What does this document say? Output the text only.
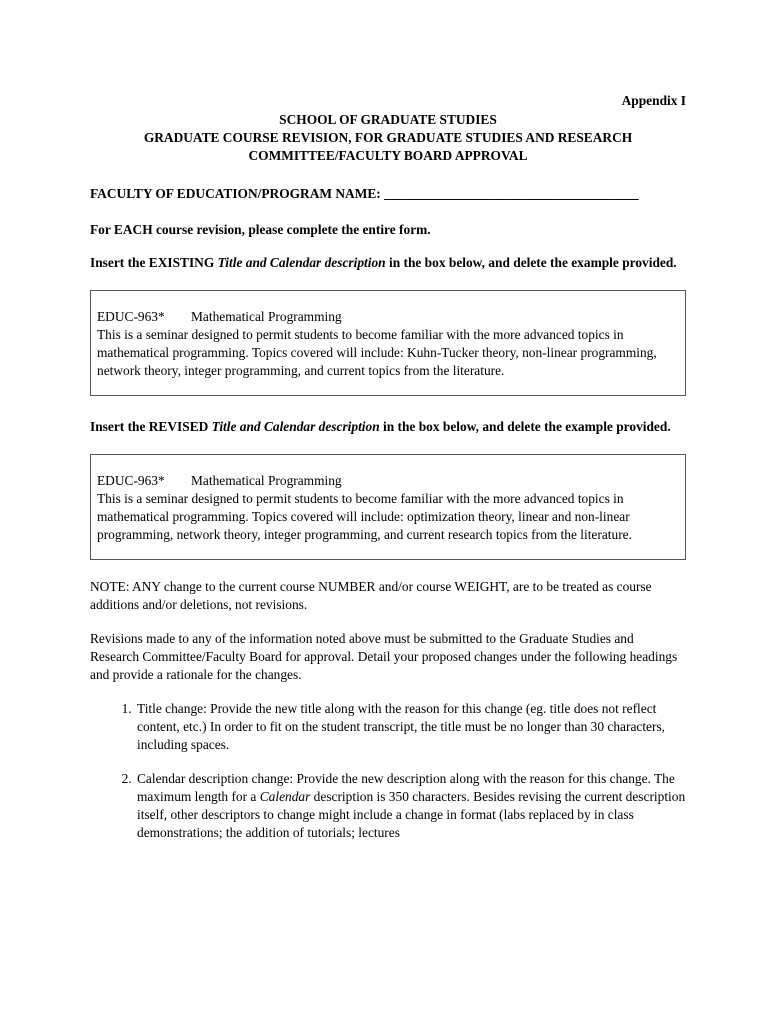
Appendix I

SCHOOL OF GRADUATE STUDIES

GRADUATE COURSE REVISION, FOR GRADUATE STUDIES AND RESEARCH

COMMITTEE/FACULTY BOARD APPROVAL

FACULTY OF EDUCATION/PROGRAM NAME: ______________________________________

For EACH course revision, please complete the entire form.

Insert the EXISTING Title and Calendar description in the box below, and delete the example provided.

EDUC-963* Mathematical Programming

This is a seminar designed to permit students to become familiar with the more advanced topics in mathematical programming. Topics covered will include: Kuhn-Tucker theory, non-linear programming, network theory, integer programming, and current topics from the literature.

Insert the REVISED Title and Calendar description in the box below, and delete the example provided.

EDUC-963* Mathematical Programming

This is a seminar designed to permit students to become familiar with the more advanced topics in mathematical programming. Topics covered will include: optimization theory, linear and non-linear programming, network theory, integer programming, and current research topics from the literature.

NOTE: ANY change to the current course NUMBER and/or course WEIGHT, are to be treated as course additions and/or deletions, not revisions.

Revisions made to any of the information noted above must be submitted to the Graduate Studies and Research Committee/Faculty Board for approval. Detail your proposed changes under the following headings and provide a rationale for the changes.

1. Title change: Provide the new title along with the reason for this change (eg. title does not reflect content, etc.) In order to fit on the student transcript, the title must be no longer than 30 characters, including spaces.
2. Calendar description change: Provide the new description along with the reason for this change. The maximum length for a Calendar description is 350 characters. Besides revising the current description itself, other descriptors to change might include a change in format (labs replaced by in class demonstrations; the addition of tutorials; lectures
